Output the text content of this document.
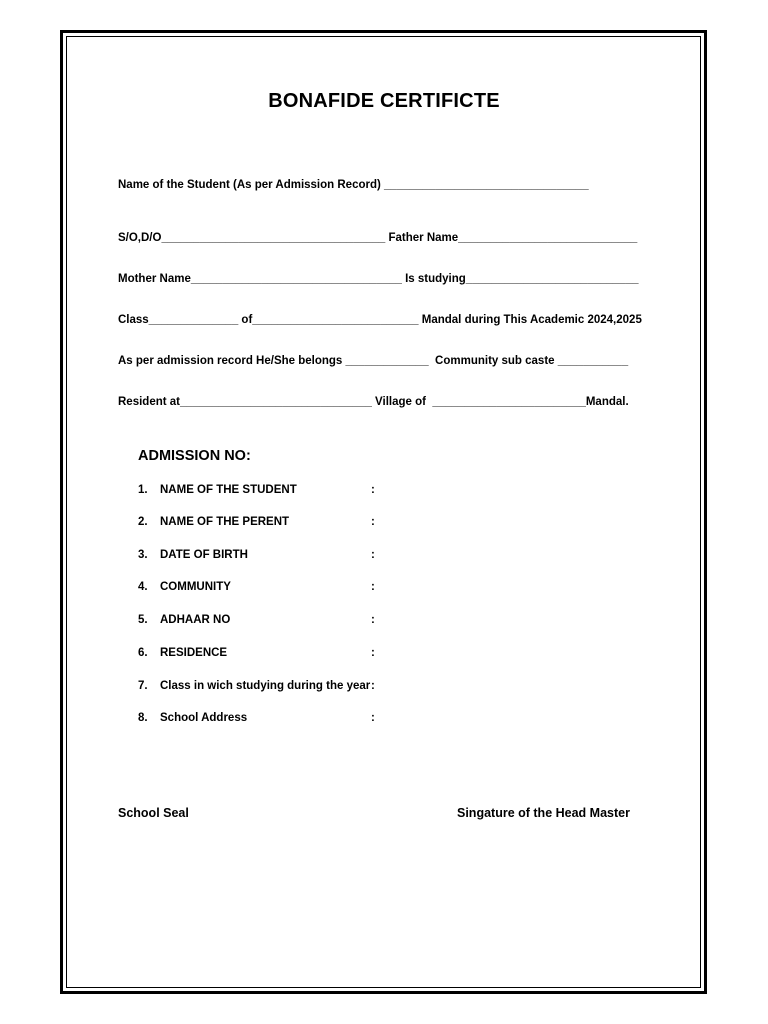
BONAFIDE CERTIFICTE
Name of the Student (As per Admission Record) ________________________________
S/O,D/O___________________________________ Father Name____________________________
Mother Name_________________________________ Is studying___________________________
Class______________ of__________________________ Mandal during This Academic 2024,2025
As per admission record He/She belongs _____________  Community sub caste ___________
Resident at______________________________ Village of  ________________________Mandal.
ADMISSION NO:
1. NAME OF THE STUDENT	:
2. NAME OF THE PERENT	:
3. DATE OF BIRTH	:
4. COMMUNITY	:
5. ADHAAR NO	:
6. RESIDENCE	:
7. Class in wich studying during the year :
8. School Address	:
School Seal	Singature of the Head Master
